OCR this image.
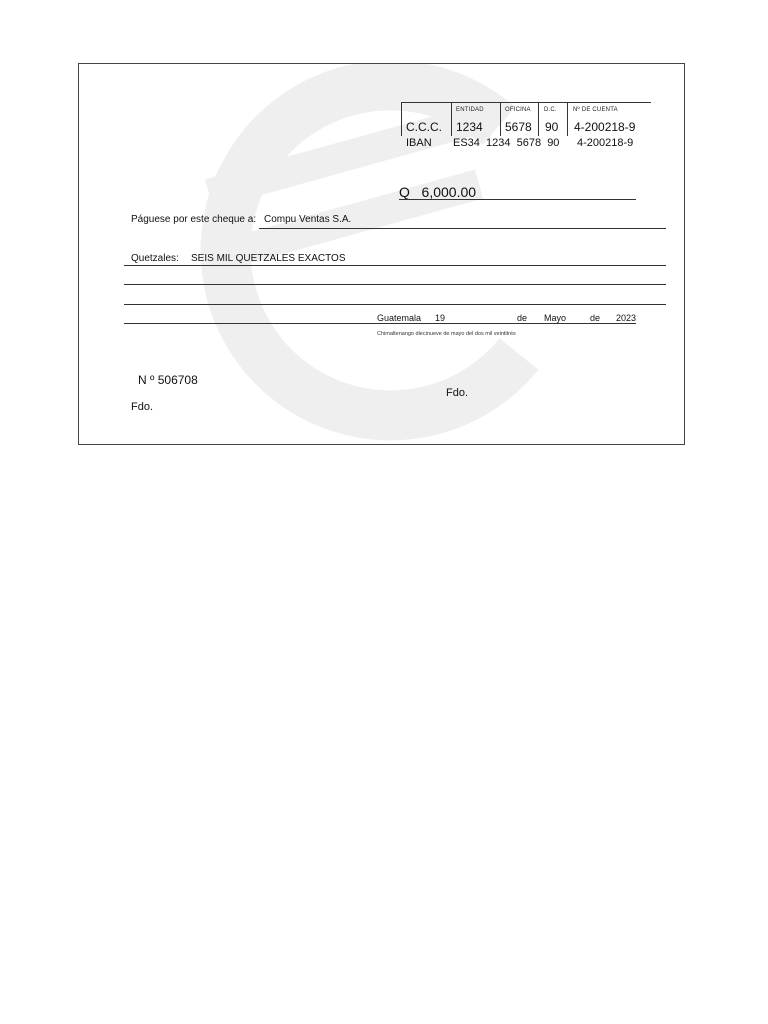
ENTIDAD	OFICINA D.C.	Nº DE CUENTA
C.C.C. 1234 5678 90 4-200218-9
IBAN ES34  1234  5678  90 4-200218-9
Q   6,000.00
Páguese por este cheque a: Compu Ventas S.A.
Quetzales: SEIS MIL QUETZALES EXACTOS
Guatemala 19	de Mayo	de 2023
Chimaltenango diecinueve de mayo del dos mil veintitrés
N º 506708
Fdo.
Fdo.
